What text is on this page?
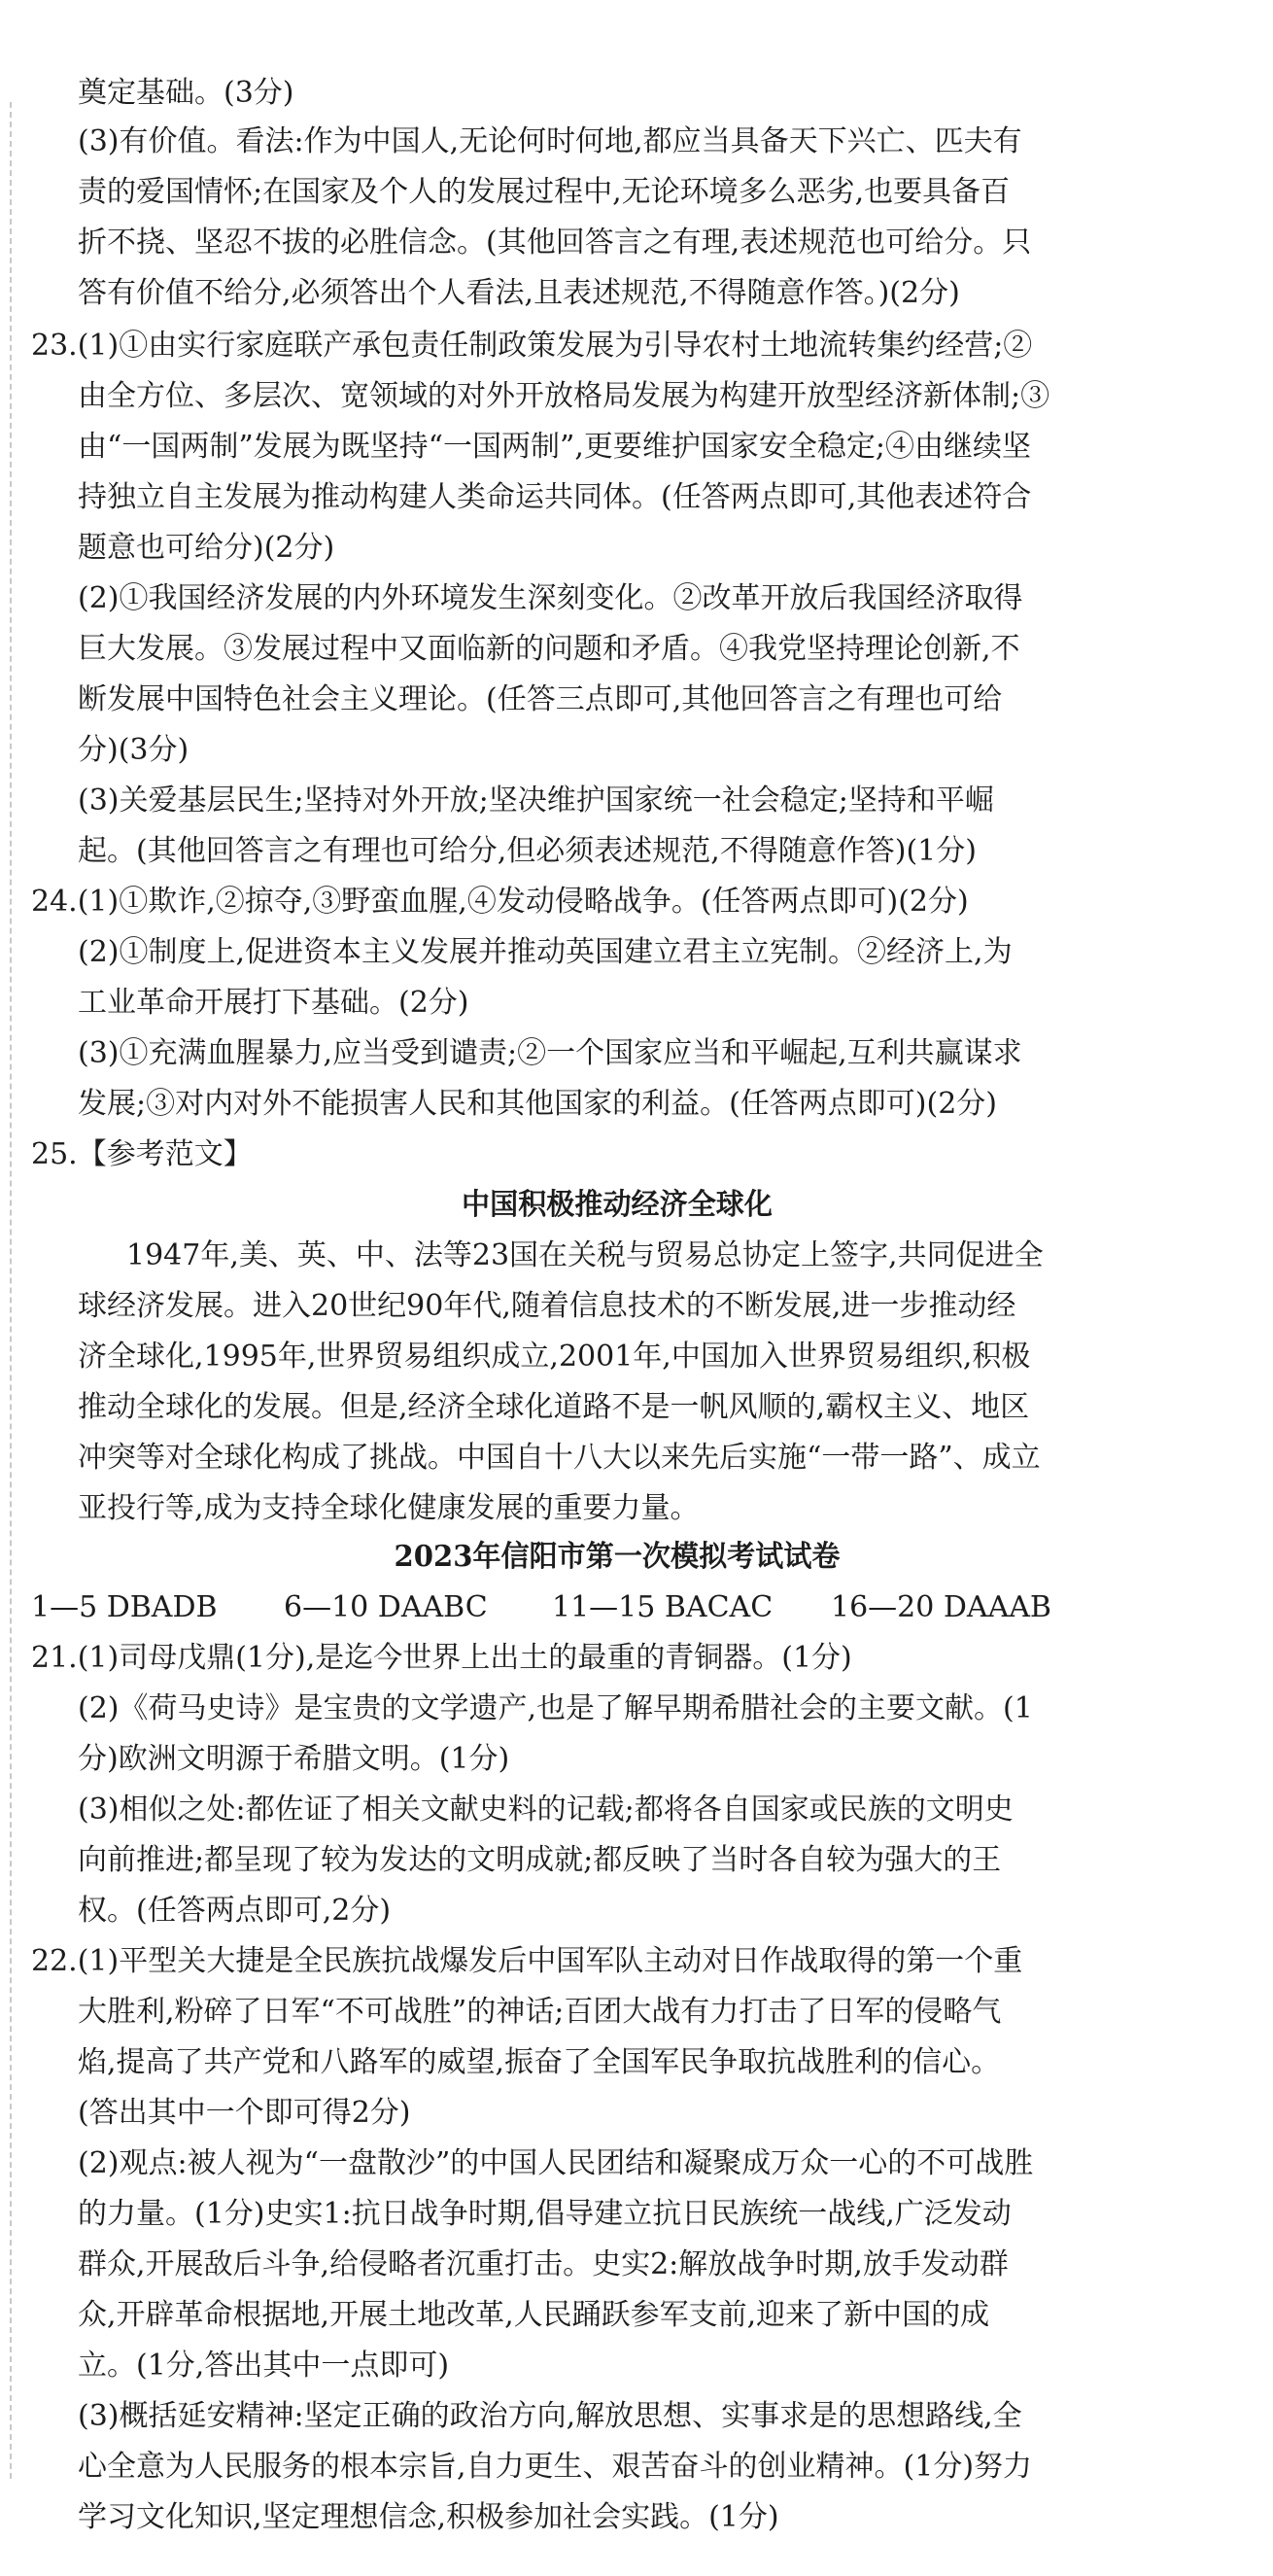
奠定基础。(3分)
(3)有价值。看法:作为中国人,无论何时何地,都应当具备天下兴亡、匹夫有
责的爱国情怀;在国家及个人的发展过程中,无论环境多么恶劣,也要具备百
折不挠、坚忍不拔的必胜信念。(其他回答言之有理,表述规范也可给分。只
答有价值不给分,必须答出个人看法,且表述规范,不得随意作答。)(2分)
23.(1)①由实行家庭联产承包责任制政策发展为引导农村土地流转集约经营;②
由全方位、多层次、宽领域的对外开放格局发展为构建开放型经济新体制;③
由“一国两制”发展为既坚持“一国两制”,更要维护国家安全稳定;④由继续坚
持独立自主发展为推动构建人类命运共同体。(任答两点即可,其他表述符合
题意也可给分)(2分)
(2)①我国经济发展的内外环境发生深刻变化。②改革开放后我国经济取得
巨大发展。③发展过程中又面临新的问题和矛盾。④我党坚持理论创新,不
断发展中国特色社会主义理论。(任答三点即可,其他回答言之有理也可给
分)(3分)
(3)关爱基层民生;坚持对外开放;坚决维护国家统一社会稳定;坚持和平崛
起。(其他回答言之有理也可给分,但必须表述规范,不得随意作答)(1分)
24.(1)①欺诈,②掠夺,③野蛮血腥,④发动侵略战争。(任答两点即可)(2分)
(2)①制度上,促进资本主义发展并推动英国建立君主立宪制。②经济上,为
工业革命开展打下基础。(2分)
(3)①充满血腥暴力,应当受到谴责;②一个国家应当和平崛起,互利共赢谋求
发展;③对内对外不能损害人民和其他国家的利益。(任答两点即可)(2分)
25.【参考范文】
中国积极推动经济全球化
1947年,美、英、中、法等23国在关税与贸易总协定上签字,共同促进全
球经济发展。进入20世纪90年代,随着信息技术的不断发展,进一步推动经
济全球化,1995年,世界贸易组织成立,2001年,中国加入世界贸易组织,积极
推动全球化的发展。但是,经济全球化道路不是一帆风顺的,霸权主义、地区
冲突等对全球化构成了挑战。中国自十八大以来先后实施“一带一路”、成立
亚投行等,成为支持全球化健康发展的重要力量。
2023年信阳市第一次模拟考试试卷
1—5 DBADB 6—10 DAABC 11—15 BACAC 16—20 DAAAB
21.(1)司母戊鼎(1分),是迄今世界上出土的最重的青铜器。(1分)
(2)《荷马史诗》是宝贵的文学遗产,也是了解早期希腊社会的主要文献。(1
分)欧洲文明源于希腊文明。(1分)
(3)相似之处:都佐证了相关文献史料的记载;都将各自国家或民族的文明史
向前推进;都呈现了较为发达的文明成就;都反映了当时各自较为强大的王
权。(任答两点即可,2分)
22.(1)平型关大捷是全民族抗战爆发后中国军队主动对日作战取得的第一个重
大胜利,粉碎了日军“不可战胜”的神话;百团大战有力打击了日军的侵略气
焰,提高了共产党和八路军的威望,振奋了全国军民争取抗战胜利的信心。
(答出其中一个即可得2分)
(2)观点:被人视为“一盘散沙”的中国人民团结和凝聚成万众一心的不可战胜
的力量。(1分)史实1:抗日战争时期,倡导建立抗日民族统一战线,广泛发动
群众,开展敌后斗争,给侵略者沉重打击。史实2:解放战争时期,放手发动群
众,开辟革命根据地,开展土地改革,人民踊跃参军支前,迎来了新中国的成
立。(1分,答出其中一点即可)
(3)概括延安精神:坚定正确的政治方向,解放思想、实事求是的思想路线,全
心全意为人民服务的根本宗旨,自力更生、艰苦奋斗的创业精神。(1分)努力
学习文化知识,坚定理想信念,积极参加社会实践。(1分)
